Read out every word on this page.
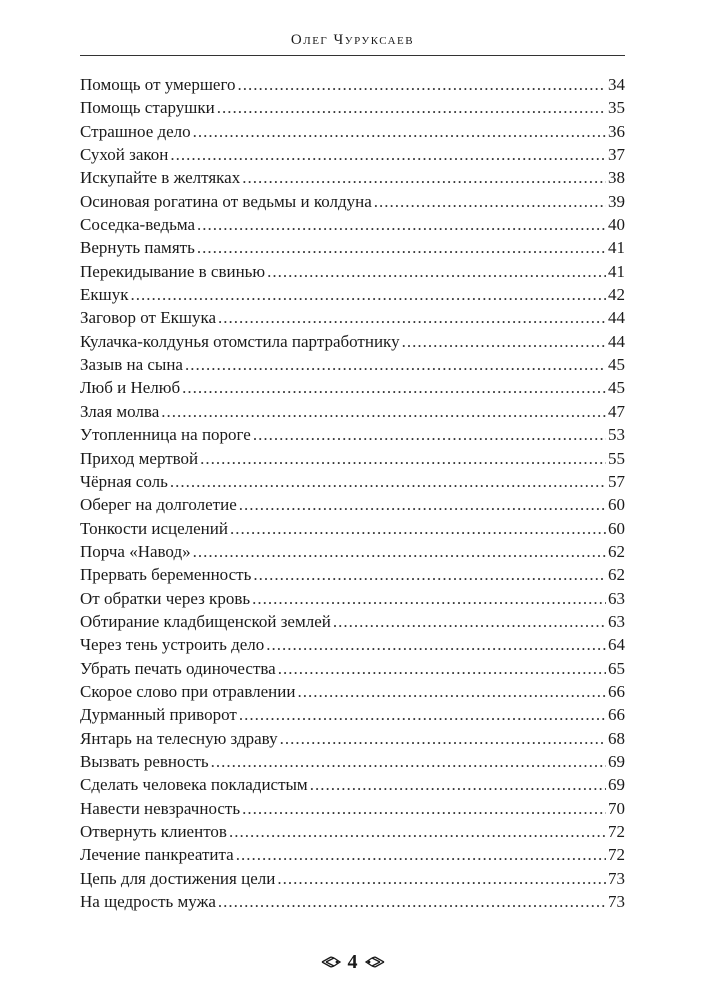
Олег Чуруксаев
Помощь от умершего .....	34
Помощь старушки .....	35
Страшное дело .....	36
Сухой закон .....	37
Искупайте в желтяках .....	38
Осиновая рогатина от ведьмы и колдуна .....	39
Соседка-ведьма .....	40
Вернуть память .....	41
Перекидывание в свинью .....	41
Екшук .....	42
Заговор от Екшука .....	44
Кулачка-колдунья отомстила партработнику .....	44
Зазыв на сына .....	45
Люб и Нелюб .....	45
Злая молва .....	47
Утопленница на пороге .....	53
Приход мертвой .....	55
Чёрная соль .....	57
Оберег на долголетие .....	60
Тонкости исцелений .....	60
Порча «Навод» .....	62
Прервать беременность .....	62
От обратки через кровь .....	63
Обтирание кладбищенской землей .....	63
Через тень устроить дело .....	64
Убрать печать одиночества .....	65
Скорое слово при отравлении .....	66
Дурманный приворот .....	66
Янтарь на телесную здраву .....	68
Вызвать ревность .....	69
Сделать человека покладистым .....	69
Навести невзрачность .....	70
Отвернуть клиентов .....	72
Лечение панкреатита .....	72
Цепь для достижения цели .....	73
На щедрость мужа .....	73
4
